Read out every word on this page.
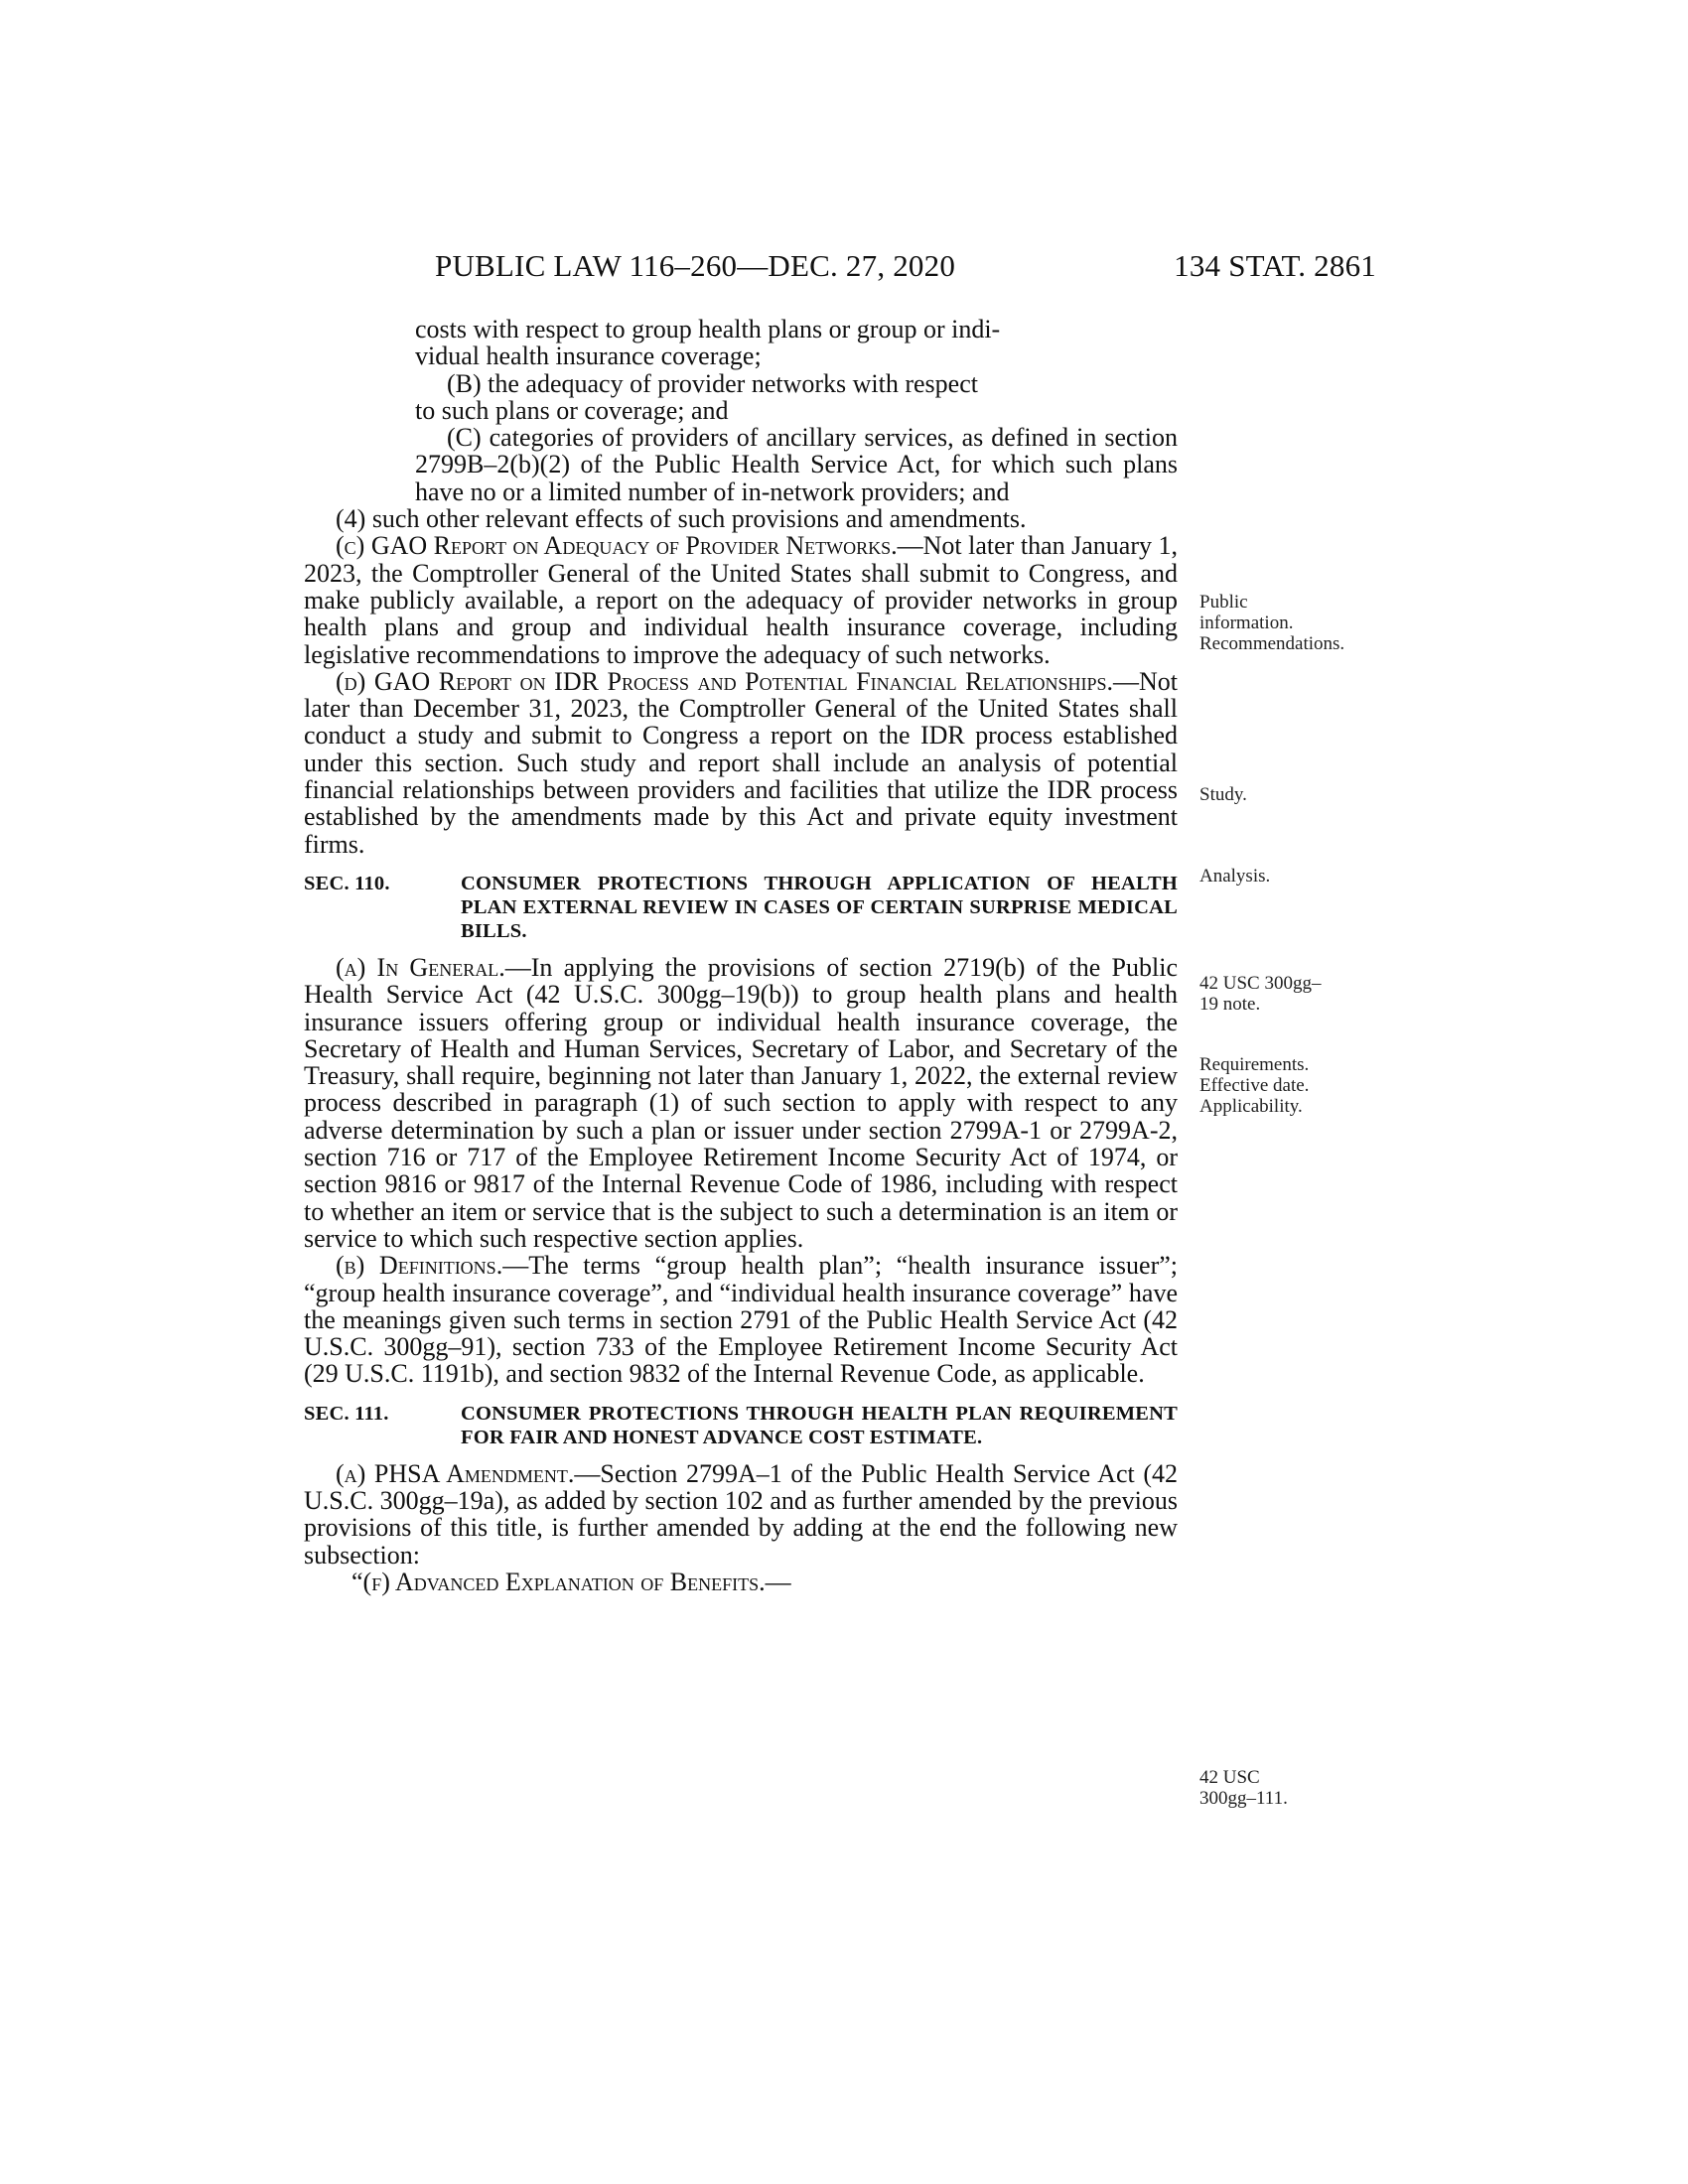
PUBLIC LAW 116–260—DEC. 27, 2020	134 STAT. 2861

costs with respect to group health plans or group or indi-

vidual health insurance coverage;

(B) the adequacy of provider networks with respect

to such plans or coverage; and

(C) categories of providers of ancillary services, as defined in section 2799B–2(b)(2) of the Public Health Service Act, for which such plans have no or a limited number of in-network providers; and

(4) such other relevant effects of such provisions and amendments.

(c) GAO Report on Adequacy of Provider Networks.—Not later than January 1, 2023, the Comptroller General of the United States shall submit to Congress, and make publicly available, a report on the adequacy of provider networks in group health plans and group and individual health insurance coverage, including legislative recommendations to improve the adequacy of such networks.

(d) GAO Report on IDR Process and Potential Financial Relationships.—Not later than December 31, 2023, the Comptroller General of the United States shall conduct a study and submit to Congress a report on the IDR process established under this section. Such study and report shall include an analysis of potential financial relationships between providers and facilities that utilize the IDR process established by the amendments made by this Act and private equity investment firms.

SEC. 110.	CONSUMER PROTECTIONS THROUGH APPLICATION OF HEALTH PLAN EXTERNAL REVIEW IN CASES OF CERTAIN SURPRISE MEDICAL BILLS.

(a) In General.—In applying the provisions of section 2719(b) of the Public Health Service Act (42 U.S.C. 300gg–19(b)) to group health plans and health insurance issuers offering group or individual health insurance coverage, the Secretary of Health and Human Services, Secretary of Labor, and Secretary of the Treasury, shall require, beginning not later than January 1, 2022, the external review process described in paragraph (1) of such section to apply with respect to any adverse determination by such a plan or issuer under section 2799A-1 or 2799A-2, section 716 or 717 of the Employee Retirement Income Security Act of 1974, or section 9816 or 9817 of the Internal Revenue Code of 1986, including with respect to whether an item or service that is the subject to such a determination is an item or service to which such respective section applies.

(b) Definitions.—The terms “group health plan”; “health insurance issuer”; “group health insurance coverage”, and “individual health insurance coverage” have the meanings given such terms in section 2791 of the Public Health Service Act (42 U.S.C. 300gg–91), section 733 of the Employee Retirement Income Security Act (29 U.S.C. 1191b), and section 9832 of the Internal Revenue Code, as applicable.

SEC. 111.	CONSUMER PROTECTIONS THROUGH HEALTH PLAN REQUIREMENT FOR FAIR AND HONEST ADVANCE COST ESTIMATE.

(a) PHSA Amendment.—Section 2799A–1 of the Public Health Service Act (42 U.S.C. 300gg–19a), as added by section 102 and as further amended by the previous provisions of this title, is further amended by adding at the end the following new subsection:

“(f) Advanced Explanation of Benefits.—

Public information. Recommendations.
Study.
Analysis.
42 USC 300gg–19 note.
Requirements. Effective date. Applicability.
42 USC 300gg–111.
